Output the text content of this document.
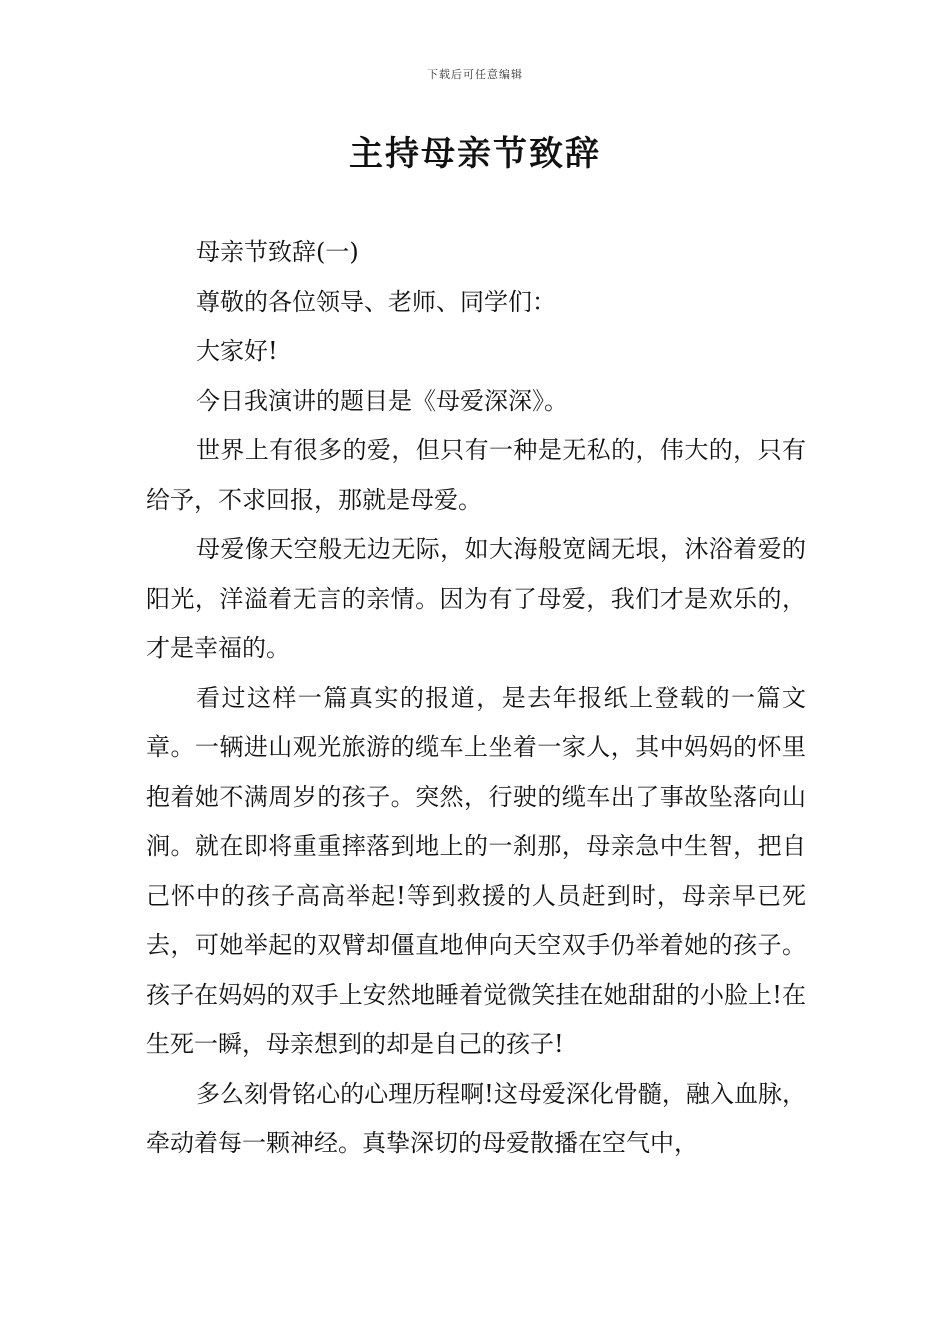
下载后可任意编辑
主持母亲节致辞

母亲节致辞(一)

尊敬的各位领导、老师、同学们：

大家好!

今日我演讲的题目是《母爱深深》。

世界上有很多的爱，但只有一种是无私的，伟大的，只有给予，不求回报，那就是母爱。

母爱像天空般无边无际，如大海般宽阔无垠，沐浴着爱的阳光，洋溢着无言的亲情。因为有了母爱，我们才是欢乐的，才是幸福的。

看过这样一篇真实的报道，是去年报纸上登载的一篇文章。一辆进山观光旅游的缆车上坐着一家人，其中妈妈的怀里抱着她不满周岁的孩子。突然，行驶的缆车出了事故坠落向山涧。就在即将重重摔落到地上的一刹那，母亲急中生智，把自己怀中的孩子高高举起!等到救援的人员赶到时，母亲早已死去，可她举起的双臂却僵直地伸向天空双手仍举着她的孩子。孩子在妈妈的双手上安然地睡着觉微笑挂在她甜甜的小脸上!在生死一瞬，母亲想到的却是自己的孩子!

多么刻骨铭心的心理历程啊!这母爱深化骨髓，融入血脉，牵动着每一颗神经。真挚深切的母爱散播在空气中，
